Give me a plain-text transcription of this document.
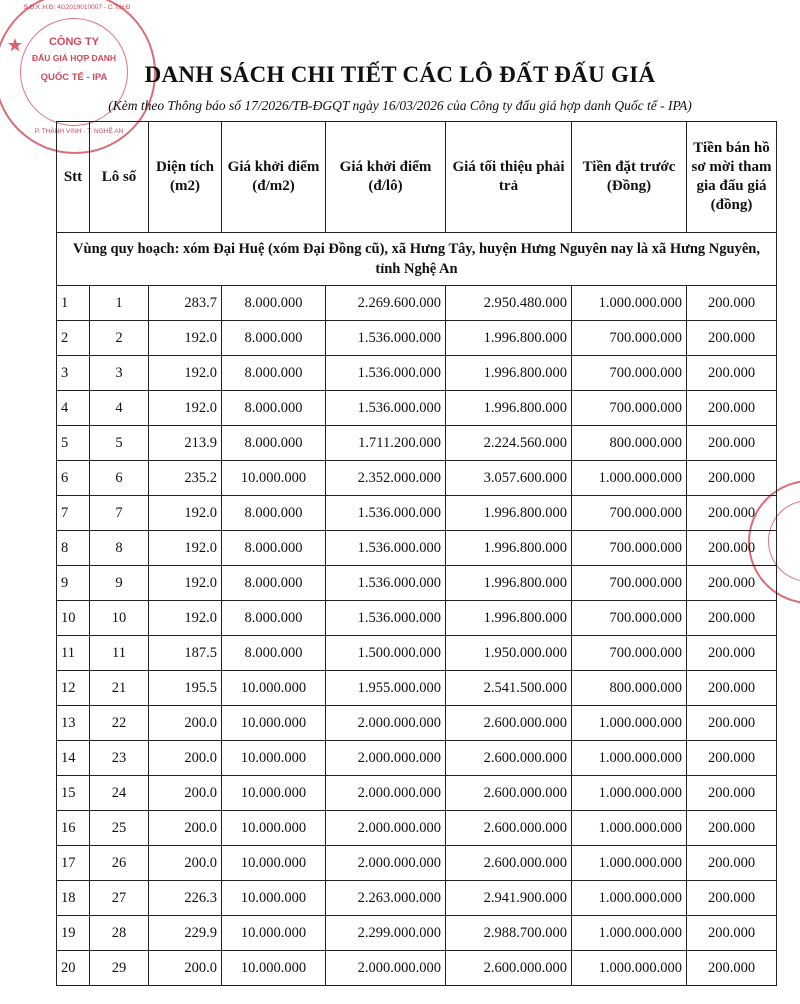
CÔNG TY
ĐẤU GIÁ HỢP DANH
QUỐC TẾ - IPA
S.Đ.K.H.Đ: 4G2019010007 - C.T.H.Đ
P. THÀNH VINH - T. NGHỆ AN
DANH SÁCH CHI TIẾT CÁC LÔ ĐẤT ĐẤU GIÁ
(Kèm theo Thông báo số 17/2026/TB-ĐGQT ngày 16/03/2026 của Công ty đấu giá hợp danh Quốc tế - IPA)
Stt	Lô số	Diện tích (m2)	Giá khởi điểm (đ/m2)	Giá khởi điểm (đ/lô)	Giá tối thiệu phải trả	Tiền đặt trước (Đồng)	Tiền bán hồ sơ mời tham gia đấu giá (đồng)
Vùng quy hoạch: xóm Đại Huệ (xóm Đại Đồng cũ), xã Hưng Tây, huyện Hưng Nguyên nay là xã Hưng Nguyên, tỉnh Nghệ An							
1	1	283.7	8.000.000	2.269.600.000	2.950.480.000	1.000.000.000	200.000
2	2	192.0	8.000.000	1.536.000.000	1.996.800.000	700.000.000	200.000
3	3	192.0	8.000.000	1.536.000.000	1.996.800.000	700.000.000	200.000
4	4	192.0	8.000.000	1.536.000.000	1.996.800.000	700.000.000	200.000
5	5	213.9	8.000.000	1.711.200.000	2.224.560.000	800.000.000	200.000
6	6	235.2	10.000.000	2.352.000.000	3.057.600.000	1.000.000.000	200.000
7	7	192.0	8.000.000	1.536.000.000	1.996.800.000	700.000.000	200.000
8	8	192.0	8.000.000	1.536.000.000	1.996.800.000	700.000.000	200.000
9	9	192.0	8.000.000	1.536.000.000	1.996.800.000	700.000.000	200.000
10	10	192.0	8.000.000	1.536.000.000	1.996.800.000	700.000.000	200.000
11	11	187.5	8.000.000	1.500.000.000	1.950.000.000	700.000.000	200.000
12	21	195.5	10.000.000	1.955.000.000	2.541.500.000	800.000.000	200.000
13	22	200.0	10.000.000	2.000.000.000	2.600.000.000	1.000.000.000	200.000
14	23	200.0	10.000.000	2.000.000.000	2.600.000.000	1.000.000.000	200.000
15	24	200.0	10.000.000	2.000.000.000	2.600.000.000	1.000.000.000	200.000
16	25	200.0	10.000.000	2.000.000.000	2.600.000.000	1.000.000.000	200.000
17	26	200.0	10.000.000	2.000.000.000	2.600.000.000	1.000.000.000	200.000
18	27	226.3	10.000.000	2.263.000.000	2.941.900.000	1.000.000.000	200.000
19	28	229.9	10.000.000	2.299.000.000	2.988.700.000	1.000.000.000	200.000
20	29	200.0	10.000.000	2.000.000.000	2.600.000.000	1.000.000.000	200.000
